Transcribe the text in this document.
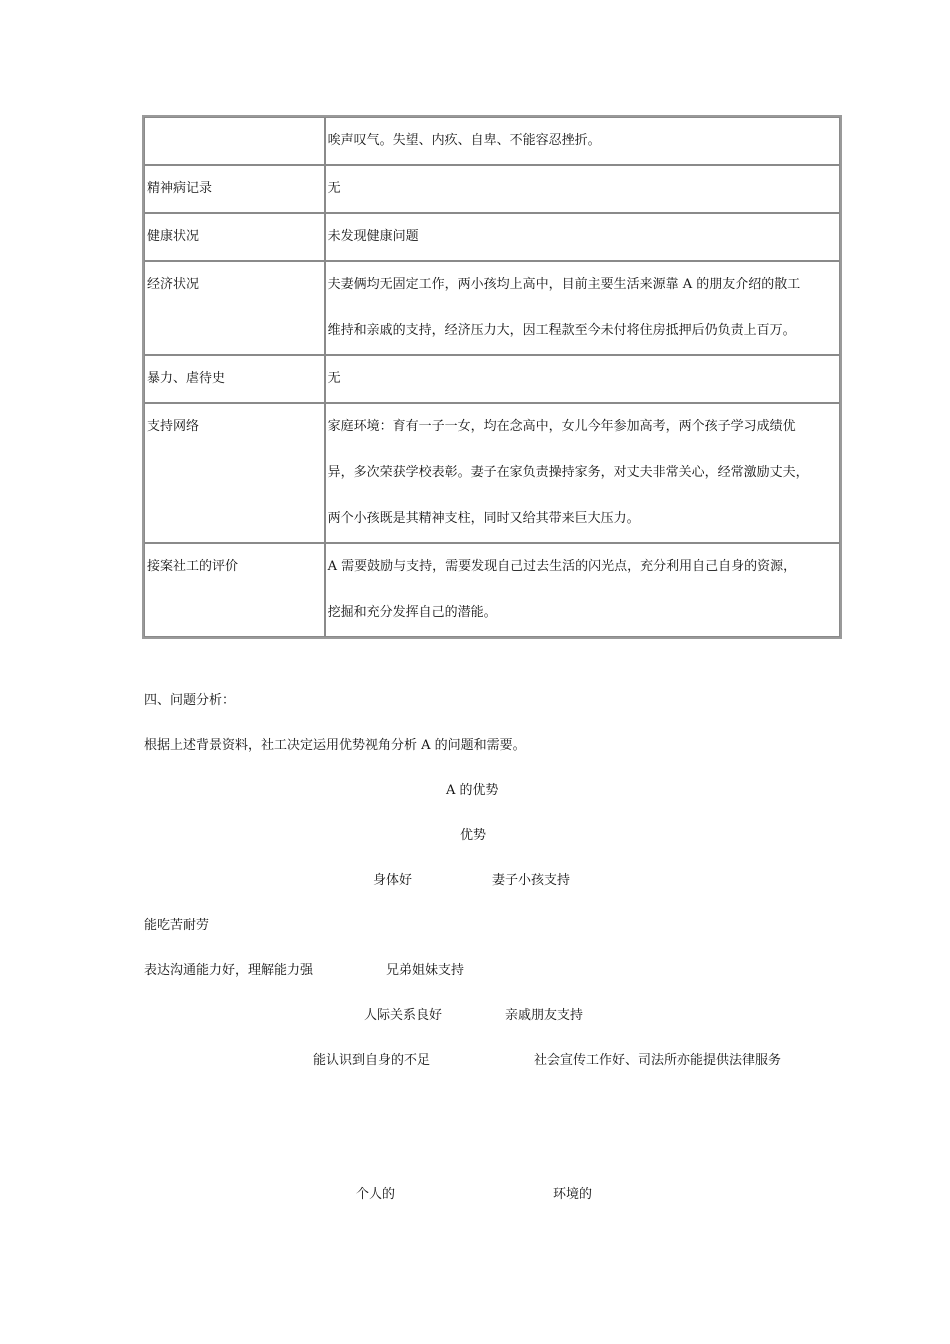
	唉声叹气。失望、内疚、自卑、不能容忍挫折。
精神病记录	无
健康状况	未发现健康问题
经济状况	夫妻俩均无固定工作，两小孩均上高中，目前主要生活来源靠 A 的朋友介绍的散工
维持和亲戚的支持，经济压力大，因工程款至今未付将住房抵押后仍负责上百万。

暴力、虐待史	无
支持网络	家庭环境：育有一子一女，均在念高中，女儿今年参加高考，两个孩子学习成绩优
异，多次荣获学校表彰。妻子在家负责操持家务，对丈夫非常关心，经常激励丈夫，
两个小孩既是其精神支柱，同时又给其带来巨大压力。

接案社工的评价	A 需要鼓励与支持，需要发现自己过去生活的闪光点，充分利用自己自身的资源，
挖掘和充分发挥自己的潜能。
四、问题分析：
根据上述背景资料，社工决定运用优势视角分析 A 的问题和需要。
A 的优势
优势
身体好	妻子小孩支持
能吃苦耐劳
表达沟通能力好，理解能力强	兄弟姐妹支持
人际关系良好	亲戚朋友支持
能认识到自身的不足	社会宣传工作好、司法所亦能提供法律服务
个人的	环境的
